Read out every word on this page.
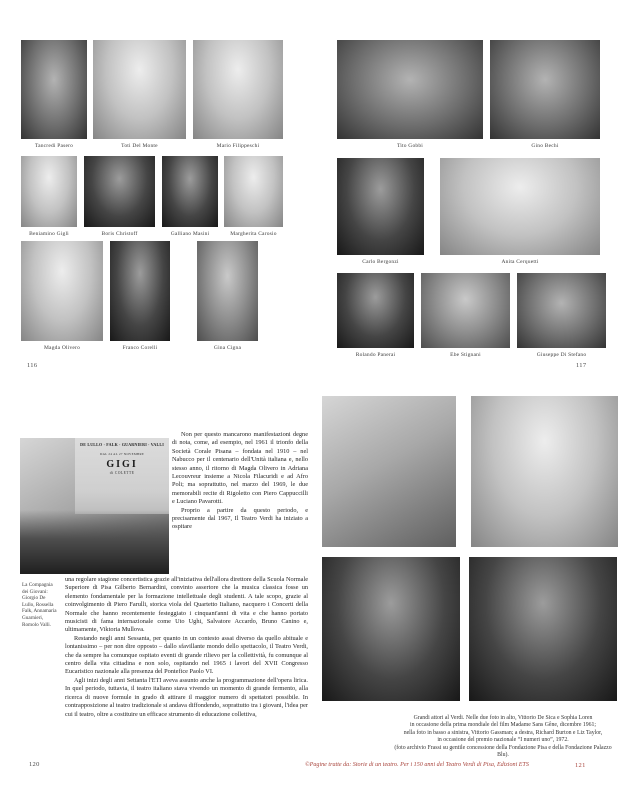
Tancredi Pasero	Toti Del Monte	Mario Filippeschi
Beniamino Gigli	Boris Christoff	Galliano Masini	Margherita Carosio
Magda Olivero	Franco Corelli	Gina Cigna
116
Tito Gobbi	Gino Bechi
Carlo Bergonzi	Anita Cerquetti
Rolando Panerai	Ebe Stignani	Giuseppe Di Stefano
117
DE LULLO · FALK · GUARNIERI · VALLI
DAL 24 AL 27 NOVEMBRE
GIGI
di COLETTE
La Compagnia
dei Giovani:
Giorgio De
Lullo, Rossella
Falk, Annamaria
Guarnieri,
Romolo Valli.

Non per questo mancarono manifestazioni degne di nota, come, ad esempio, nel 1961 il trionfo della Società Corale Pisana – fondata nel 1910 – nel Nabucco per il centenario dell'Unità italiana e, nello stesso anno, il ritorno di Magda Olivero in Adriana Lecouvreur insieme a Nicola Filacuridi e ad Afro Poli; ma soprattutto, nel marzo del 1969, le due memorabili recite di Rigoletto con Piero Cappuccilli e Luciano Pavarotti.

Proprio a partire da questo periodo, e precisamente dal 1967, Il Teatro Verdi ha iniziato a ospitare

una regolare stagione concertistica grazie all'iniziativa dell'allora direttore della Scuola Normale Superiore di Pisa Gilberto Bernardini, convinto assertore che la musica classica fosse un elemento fondamentale per la formazione intellettuale degli studenti. A tale scopo, grazie al coinvolgimento di Piero Farulli, storica viola del Quartetto Italiano, nacquero i Concerti della Normale che hanno recentemente festeggiato i cinquant'anni di vita e che hanno portato musicisti di fama internazionale come Uto Ughi, Salvatore Accardo, Bruno Canino e, ultimamente, Viktoria Mullova.

Restando negli anni Sessanta, per quanto in un contesto assai diverso da quello abituale e lontanissimo – per non dire opposto – dallo sfavillante mondo dello spettacolo, il Teatro Verdi, che da sempre ha comunque ospitato eventi di grande rilievo per la collettività, fu comunque al centro della vita cittadina e non solo, ospitando nel 1965 i lavori del XVII Congresso Eucaristico nazionale alla presenza del Pontefice Paolo VI.

Agli inizi degli anni Settanta l'ETI aveva assunto anche la programmazione dell'opera lirica. In quel periodo, tuttavia, il teatro italiano stava vivendo un momento di grande fermento, alla ricerca di nuove formule in grado di attirare il maggior numero di spettatori possibile. In contrapposizione al teatro tradizionale si andava diffondendo, soprattutto tra i giovani, l'idea per cui il teatro, oltre a costituire un efficace strumento di educazione collettiva,

120
Grandi attori al Verdi. Nelle due foto in alto, Vittorio De Sica e Sophia Loren
in occasione della prima mondiale del film Madame Sans Gêne, dicembre 1961;
nella foto in basso a sinistra, Vittorio Gassman; a destra, Richard Burton e Liz Taylor,
in occasione del premio nazionale “I numeri uno”, 1972.
(foto archivio Frassi su gentile concessione della Fondazione Pisa e della Fondazione Palazzo Blu).
©Pagine tratte da: Storie di un teatro. Per i 150 anni del Teatro Verdi di Pisa, Edizioni ETS	121
